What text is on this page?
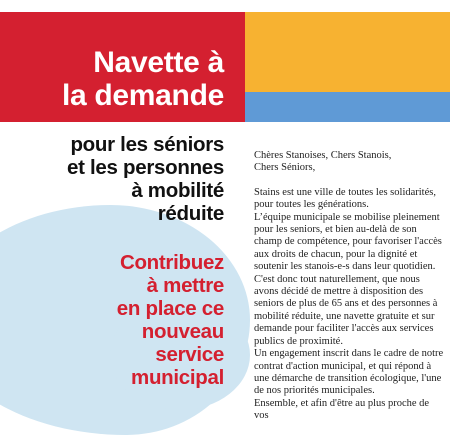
Navette à
la demande
pour les séniors
et les personnes
à mobilité
réduite
Contribuez
à mettre
en place ce
nouveau
service
municipal
Chères Stanoises, Chers Stanois,
Chers Séniors,
Stains est une ville de toutes les solidarités, pour toutes les générations.
L’équipe municipale se mobilise pleinement pour les seniors, et bien au-delà de son champ de compétence, pour favoriser l'accès aux droits de chacun, pour la dignité et soutenir les stanois-e-s dans leur quotidien.
C'est donc tout naturellement, que nous avons décidé de mettre à disposition des seniors de plus de 65 ans et des personnes à mobilité réduite, une navette gratuite et sur demande pour faciliter l'accès aux services publics de proximité.
Un engagement inscrit dans le cadre de notre contrat d'action municipal, et qui répond à une démarche de transition écologique, l'une de nos priorités municipales.
Ensemble, et afin d'être au plus proche de vos
